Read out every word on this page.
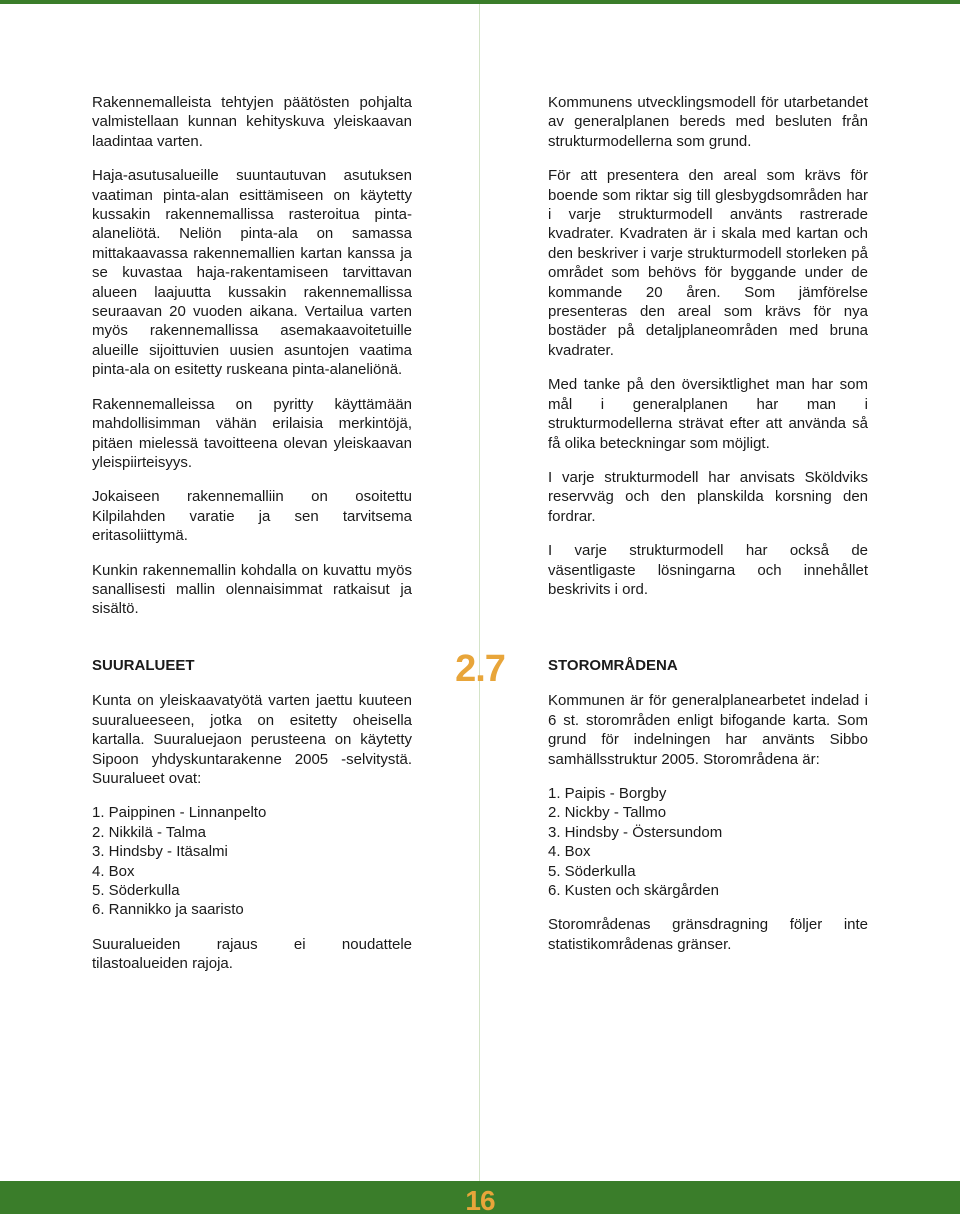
Rakennemalleista tehtyjen päätösten pohjalta valmistellaan kunnan kehityskuva yleiskaavan laadintaa varten.

Haja-asutusalueille suuntautuvan asutuksen vaatiman pinta-alan esittämiseen on käytetty kussakin rakennemallissa rasteroitua pinta-alaneliötä. Neliön pinta-ala on samassa mittakaavassa rakennemallien kartan kanssa ja se kuvastaa haja-rakentamiseen tarvittavan alueen laajuutta kussakin rakennemallissa seuraavan 20 vuoden aikana. Vertailua varten myös rakennemallissa asemakaavoitetuille alueille sijoittuvien uusien asuntojen vaatima pinta-ala on esitetty ruskeana pinta-alaneliönä.

Rakennemalleissa on pyritty käyttämään mahdollisimman vähän erilaisia merkintöjä, pitäen mielessä tavoitteena olevan yleiskaavan yleispiirteisyys.

Jokaiseen rakennemalliin on osoitettu Kilpilahden varatie ja sen tarvitsema eritasoliittymä.

Kunkin rakennemallin kohdalla on kuvattu myös sanallisesti mallin olennaisimmat ratkaisut ja sisältö.

Kommunens utvecklingsmodell för utarbetandet av generalplanen bereds med besluten från strukturmodellerna som grund.

För att presentera den areal som krävs för boende som riktar sig till glesbygdsområden har i varje strukturmodell använts rastrerade kvadrater. Kvadraten är i skala med kartan och den beskriver i varje strukturmodell storleken på området som behövs för byggande under de kommande 20 åren. Som jämförelse presenteras den areal som krävs för nya bostäder på detaljplaneområden med bruna kvadrater.

Med tanke på den översiktlighet man har som mål i generalplanen har man i strukturmodellerna strävat efter att använda så få olika beteckningar som möjligt.

I varje strukturmodell har anvisats Sköldviks reservväg och den planskilda korsning den fordrar.

I varje strukturmodell har också de väsentligaste lösningarna och innehållet beskrivits i ord.

2.7
SUURALUEET

Kunta on yleiskaavatyötä varten jaettu kuuteen suuralueeseen, jotka on esitetty oheisella kartalla. Suuraluejaon perusteena on käytetty Sipoon yhdyskuntarakenne 2005 -selvitystä. Suuralueet ovat:

1. Paippinen - Linnanpelto
2. Nikkilä - Talma
3. Hindsby - Itäsalmi
4. Box
5. Söderkulla
6. Rannikko ja saaristo

Suuralueiden rajaus ei noudattele tilastoalueiden rajoja.

STOROMRÅDENA

Kommunen är för generalplanearbetet indelad i 6 st. storområden enligt bifogande karta. Som grund för indelningen har använts Sibbo samhällsstruktur 2005. Storområdena är:

1. Paipis - Borgby
2. Nickby - Tallmo
3. Hindsby - Östersundom
4. Box
5. Söderkulla
6. Kusten och skärgården

Storområdenas gränsdragning följer inte statistikområdenas gränser.

16
